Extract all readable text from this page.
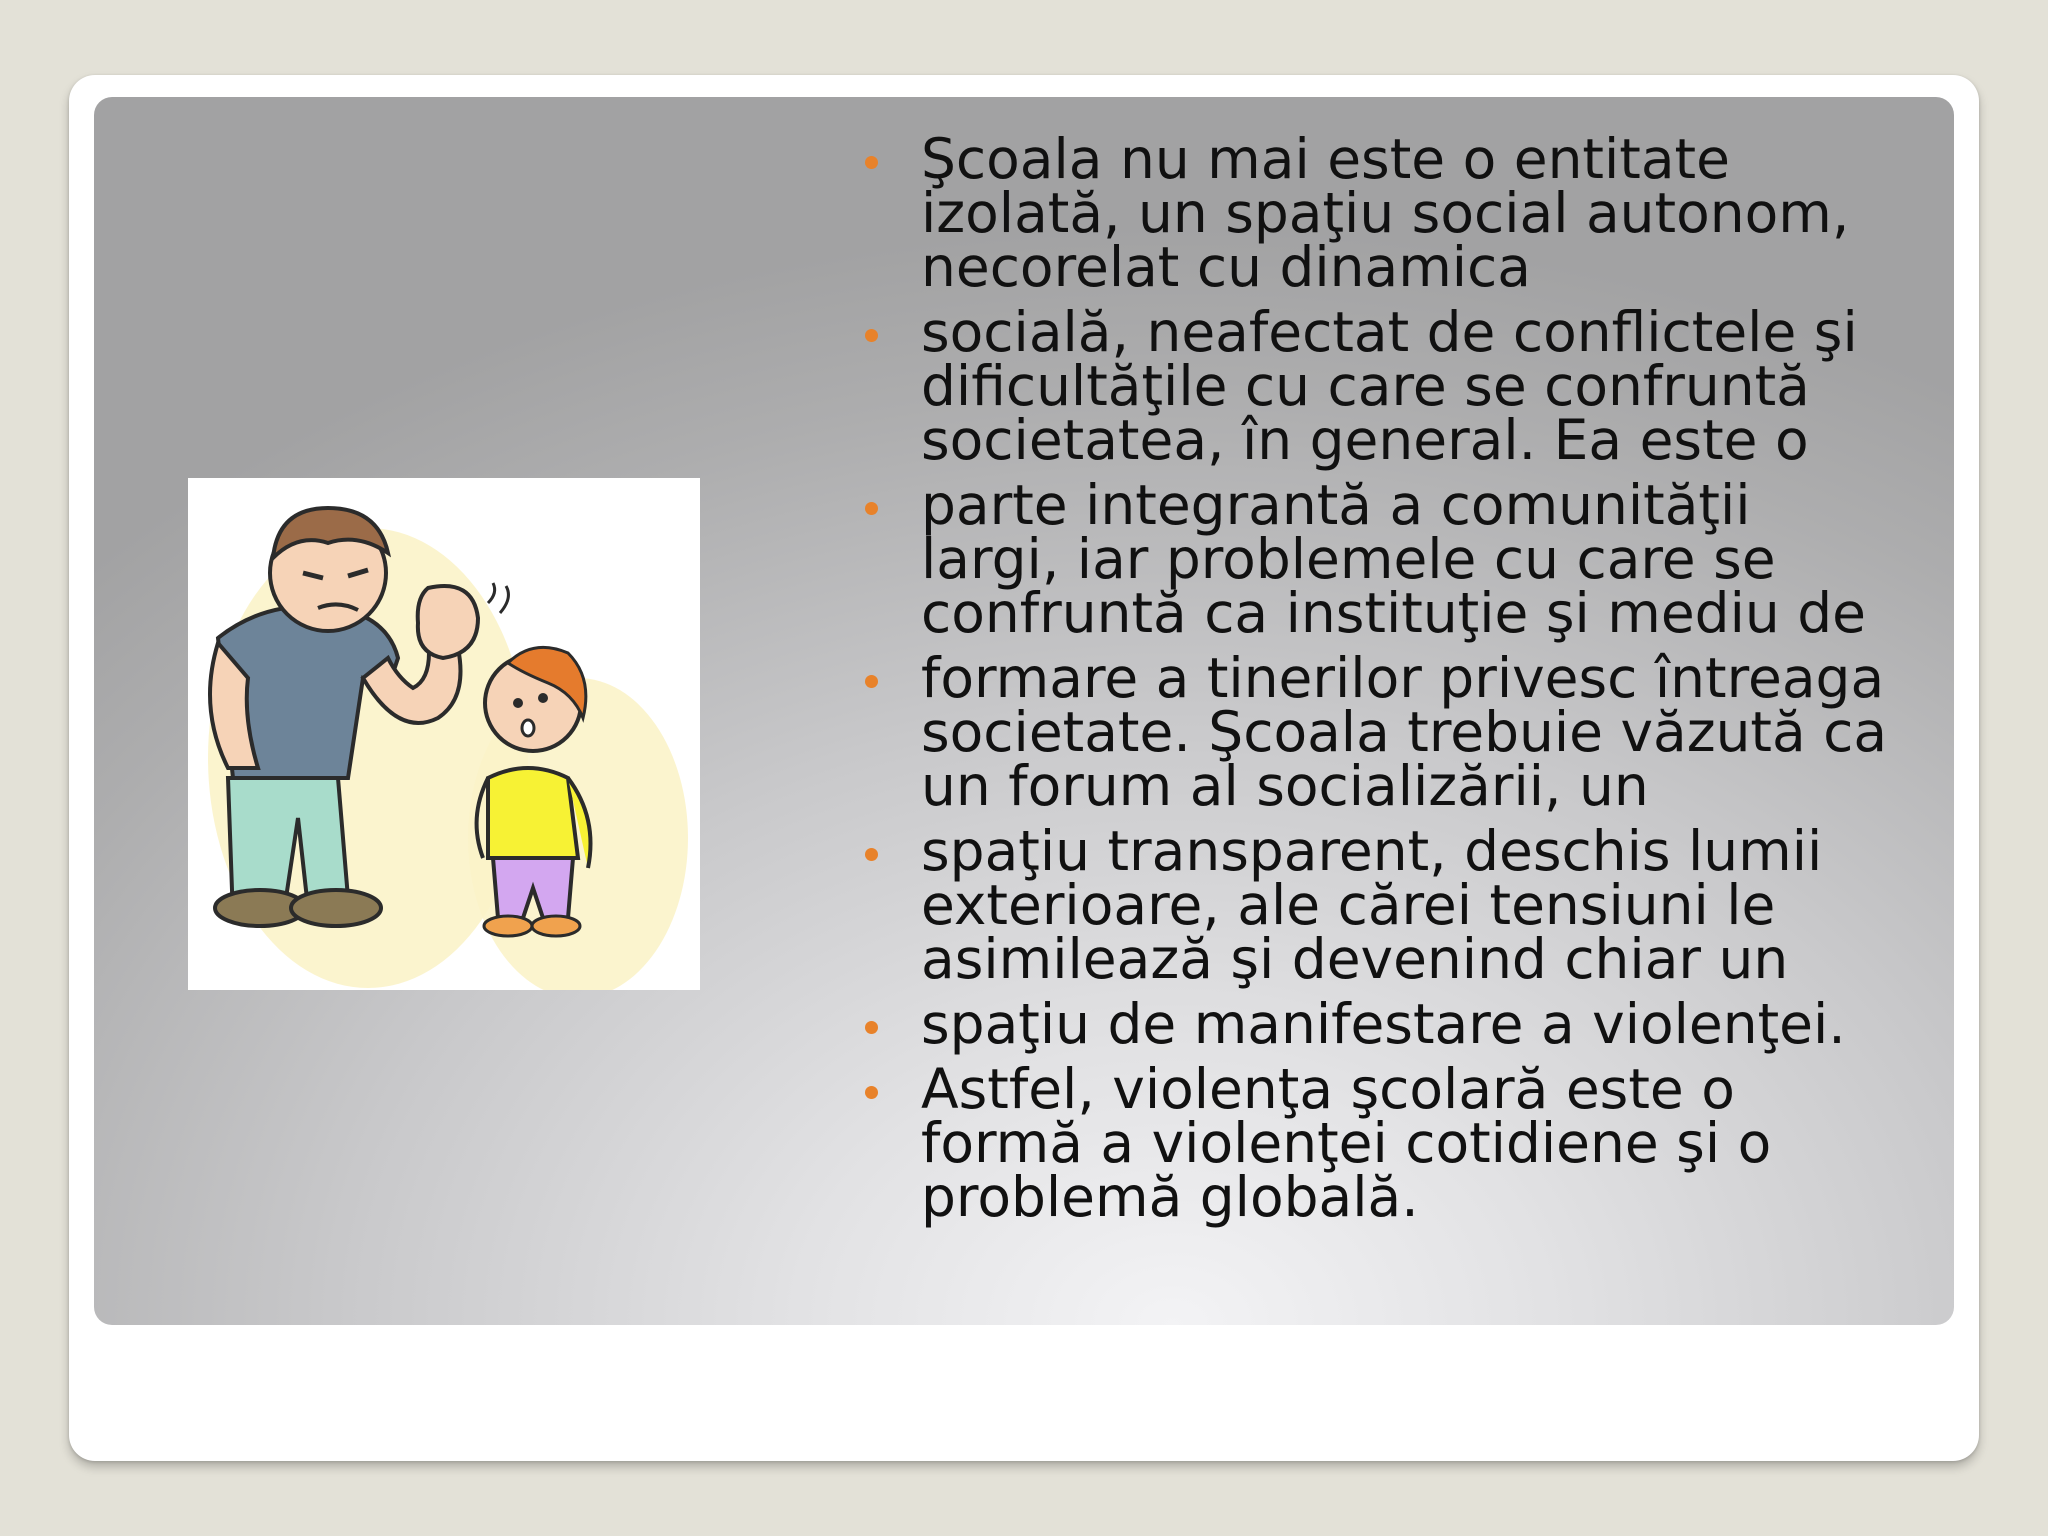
Şcoala nu mai este o entitate
izolată, un spaţiu social autonom,
necorelat cu dinamica
socială, neafectat de conflictele şi
dificultăţile cu care se confruntă
societatea, în general. Ea este o
parte integrantă a comunităţii
largi, iar problemele cu care se
confruntă ca instituţie şi mediu de
formare a tinerilor privesc întreaga
societate. Şcoala trebuie văzută ca
un forum al socializării, un
spaţiu transparent, deschis lumii
exterioare, ale cărei tensiuni le
asimilează şi devenind chiar un
spaţiu de manifestare a violenţei.
Astfel, violenţa şcolară este o
formă a violenţei cotidiene şi o
problemă globală.
